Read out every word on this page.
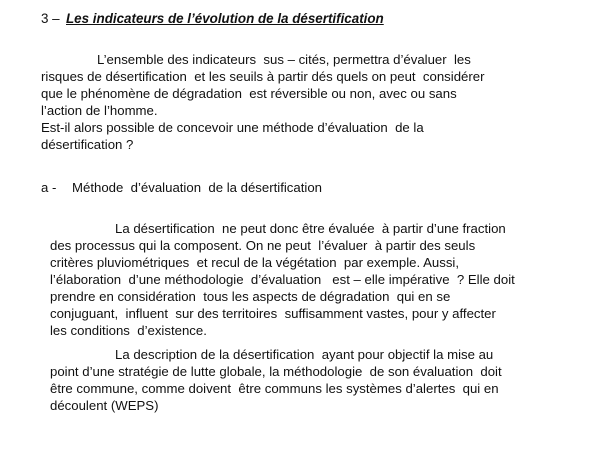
3 – Les indicateurs de l’évolution de la désertification
L’ensemble des indicateurs  sus – cités, permettra d’évaluer  les
risques de désertification  et les seuils à partir dés quels on peut  considérer
que le phénomène de dégradation  est réversible ou non, avec ou sans
l’action de l’homme.
Est-il alors possible de concevoir une méthode d’évaluation  de la
désertification ?
a - Méthode  d’évaluation  de la désertification
La désertification  ne peut donc être évaluée  à partir d’une fraction
des processus qui la composent. On ne peut  l’évaluer  à partir des seuls
critères pluviométriques  et recul de la végétation  par exemple. Aussi,
l’élaboration  d’une méthodologie  d’évaluation   est – elle impérative  ? Elle doit
prendre en considération  tous les aspects de dégradation  qui en se
conjuguant,  influent  sur des territoires  suffisamment vastes, pour y affecter
les conditions  d’existence.
La description de la désertification  ayant pour objectif la mise au
point d’une stratégie de lutte globale, la méthodologie  de son évaluation  doit
être commune, comme doivent  être communs les systèmes d’alertes  qui en
découlent (WEPS)
